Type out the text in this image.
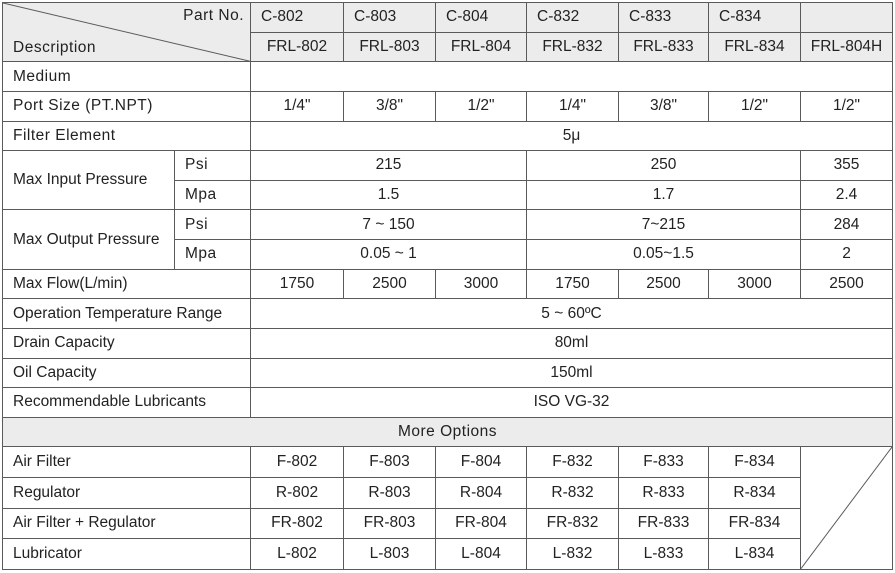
Part No.
Description		C-802	C-803	C-804	C-832	C-833	C-834	
		FRL-802	FRL-803	FRL-804	FRL-832	FRL-833	FRL-834	FRL-804H
Medium								
Port Size (PT.NPT)		1/4"	3/8"	1/2"	1/4"	3/8"	1/2"	1/2"
Filter Element		5μ						
Max Input Pressure	Psi	215			250			355
	Mpa	1.5			1.7			2.4
Max Output Pressure	Psi	7 ~ 150			7~215			284
	Mpa	0.05 ~ 1			0.05~1.5			2
Max Flow(L/min)		1750	2500	3000	1750	2500	3000	2500
Operation Temperature Range		5 ~ 60ºC						
Drain Capacity		80ml						
Oil Capacity		150ml						
Recommendable Lubricants		ISO VG-32						
More Options								
Air Filter		F-802	F-803	F-804	F-832	F-833	F-834	

Regulator		R-802	R-803	R-804	R-832	R-833	R-834	
Air Filter + Regulator		FR-802	FR-803	FR-804	FR-832	FR-833	FR-834	
Lubricator		L-802	L-803	L-804	L-832	L-833	L-834	
